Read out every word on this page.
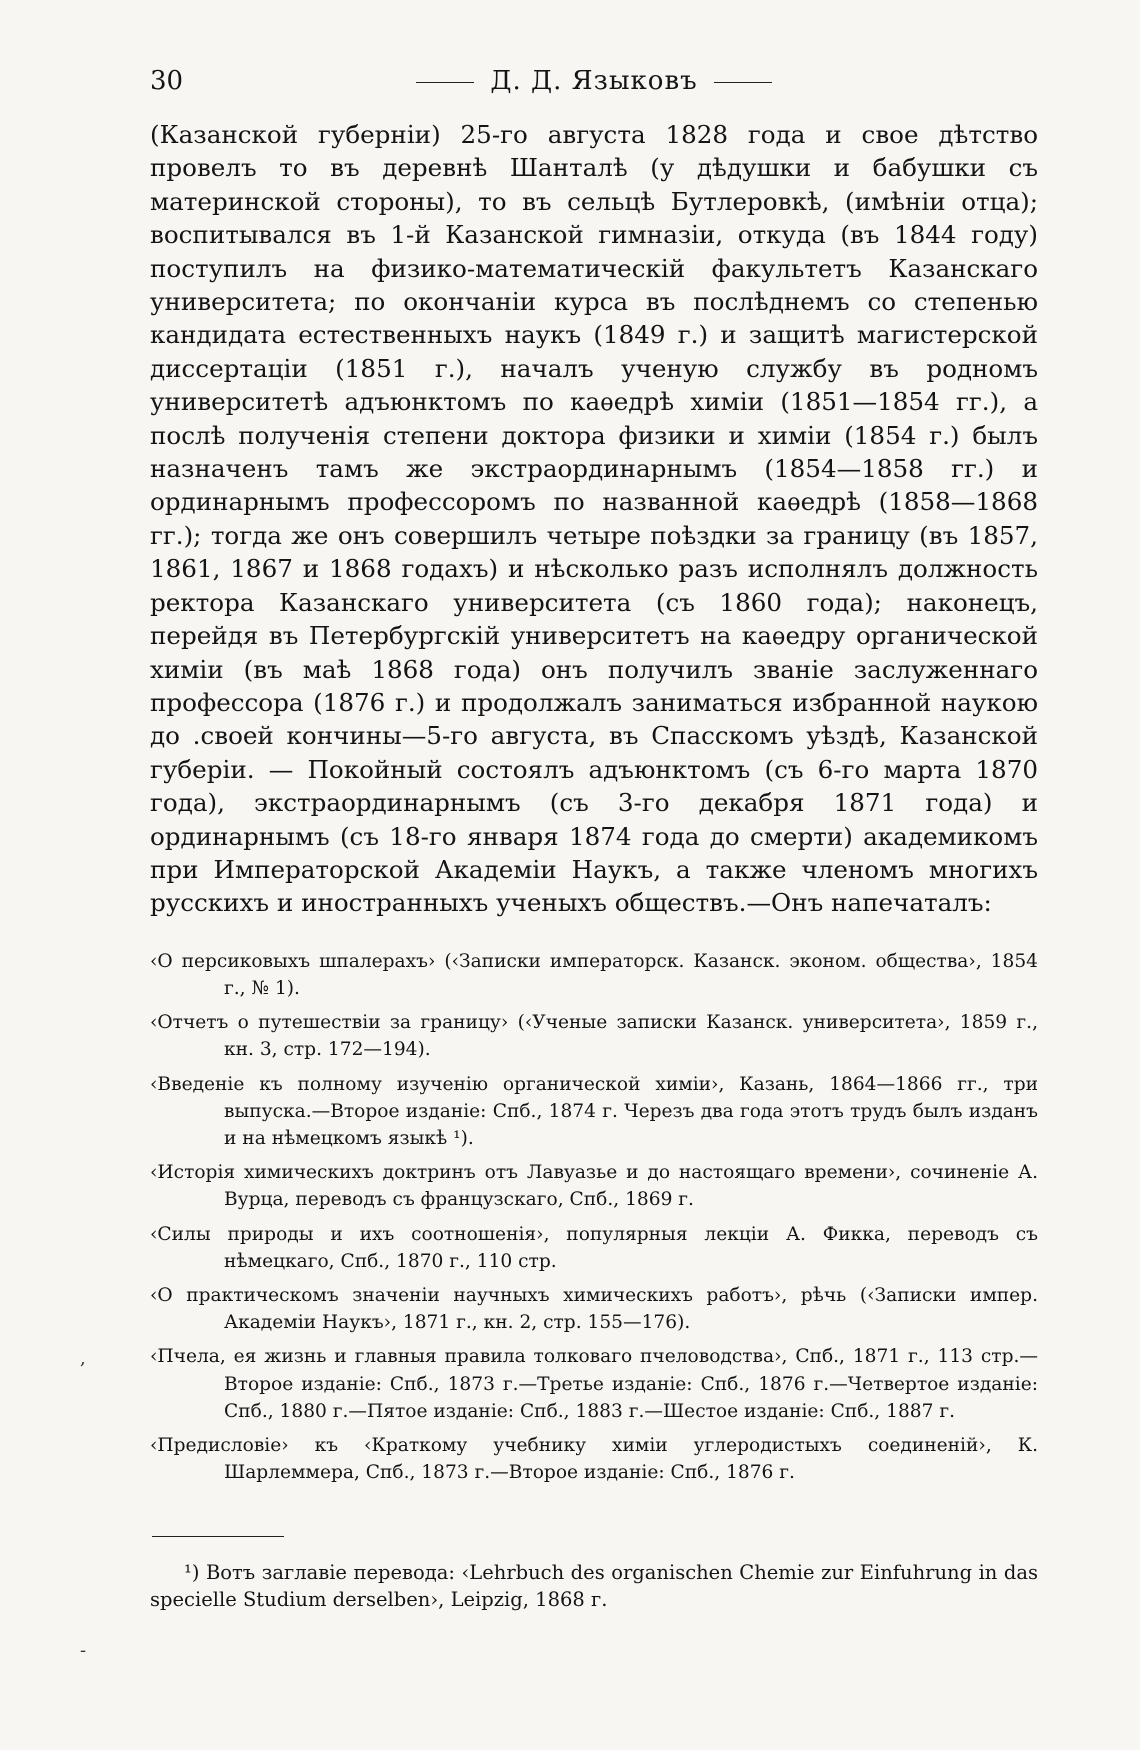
30	Д. Д. Языковъ

(Казанской губерніи) 25-го августа 1828 года и свое дѣтство провелъ то въ деревнѣ Шанталѣ (у дѣдушки и бабушки съ материнской стороны), то въ сельцѣ Бутлеровкѣ, (имѣніи отца); воспитывался въ 1-й Казанской гимназіи, откуда (въ 1844 году) поступилъ на физико-математическій факультетъ Казанскаго университета; по окончаніи курса въ послѣднемъ со степенью кандидата естественныхъ наукъ (1849 г.) и защитѣ магистерской диссертаціи (1851 г.), началъ ученую службу въ родномъ университетѣ адъюнктомъ по каѳедрѣ химіи (1851—1854 гг.), а послѣ полученія степени доктора физики и химіи (1854 г.) былъ назначенъ тамъ же экстраординарнымъ (1854—1858 гг.) и ординарнымъ профессоромъ по названной каѳедрѣ (1858—1868 гг.); тогда же онъ совершилъ четыре поѣздки за границу (въ 1857, 1861, 1867 и 1868 годахъ) и нѣсколько разъ исполнялъ должность ректора Казанскаго университета (съ 1860 года); наконецъ, перейдя въ Петербургскій университетъ на каѳедру органической химіи (въ маѣ 1868 года) онъ получилъ званіе заслуженнаго профессора (1876 г.) и продолжалъ заниматься избранной наукою до .своей кончины—5-го августа, въ Спасскомъ уѣздѣ, Казанской губеріи. — Покойный состоялъ адъюнктомъ (съ 6-го марта 1870 года), экстраординарнымъ (съ 3-го декабря 1871 года) и ординарнымъ (съ 18-го января 1874 года до смерти) академикомъ при Императорской Академіи Наукъ, а также членомъ многихъ русскихъ и иностранныхъ ученыхъ обществъ.—Онъ напечаталъ:

‹О персиковыхъ шпалерахъ› (‹Записки императорск. Казанск. эконом. общества›, 1854 г., № 1).

‹Отчетъ о путешествіи за границу› (‹Ученые записки Казанск. университета›, 1859 г., кн. 3, стр. 172—194).

‹Введеніе къ полному изученію органической химіи›, Казань, 1864—1866 гг., три выпуска.—Второе изданіе: Спб., 1874 г. Черезъ два года этотъ трудъ былъ изданъ и на нѣмецкомъ языкѣ ¹).

‹Исторія химическихъ доктринъ отъ Лавуазье и до настоящаго времени›, сочиненіе А. Вурца, переводъ съ французскаго, Спб., 1869 г.

‹Силы природы и ихъ соотношенія›, популярныя лекціи А. Фикка, переводъ съ нѣмецкаго, Спб., 1870 г., 110 стр.

‹О практическомъ значеніи научныхъ химическихъ работъ›, рѣчь (‹Записки импер. Академіи Наукъ›, 1871 г., кн. 2, стр. 155—176).

‹Пчела, ея жизнь и главныя правила толковаго пчеловодства›, Спб., 1871 г., 113 стр.—Второе изданіе: Спб., 1873 г.—Третье изданіе: Спб., 1876 г.—Четвертое изданіе: Спб., 1880 г.—Пятое изданіе: Спб., 1883 г.—Шестое изданіе: Спб., 1887 г.

‹Предисловіе› къ ‹Краткому учебнику химіи углеродистыхъ соединеній›, К. Шарлеммера, Спб., 1873 г.—Второе изданіе: Спб., 1876 г.

¹) Вотъ заглавіе перевода: ‹Lehrbuch des organischen Chemie zur Einfuhrung in das specielle Studium derselben›, Leipzig, 1868 г.

,
-
